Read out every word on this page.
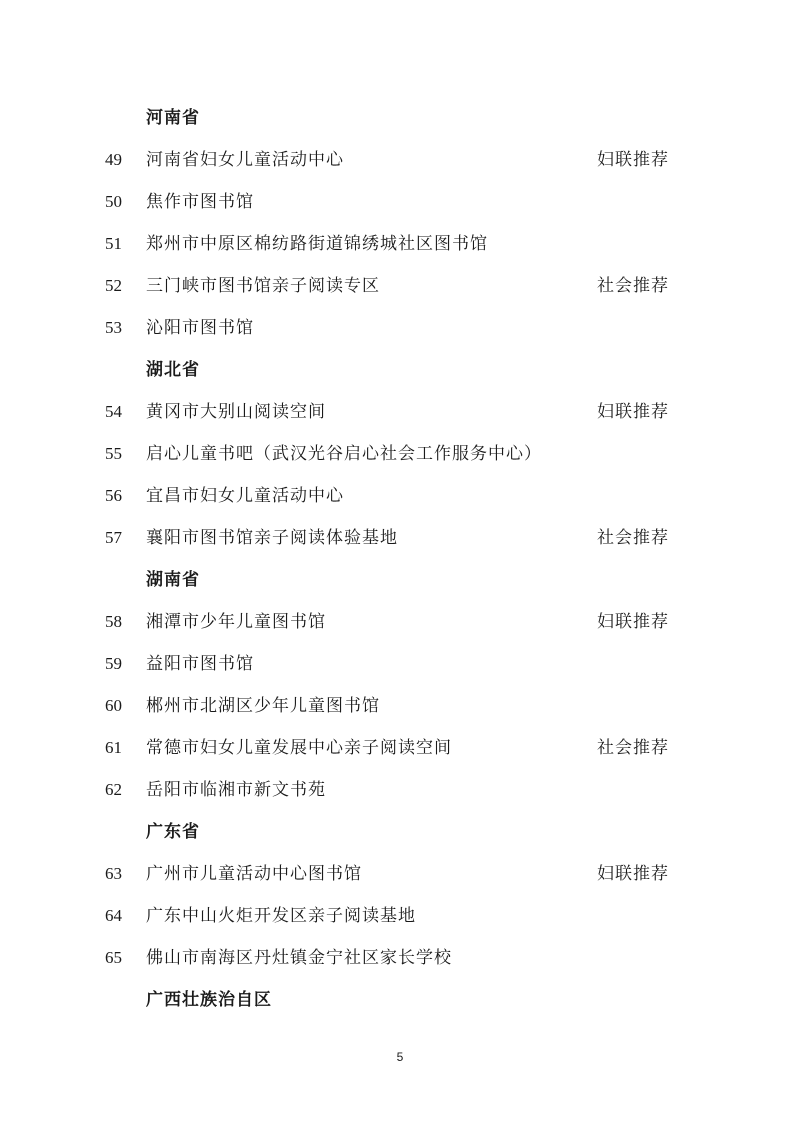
河南省
49 河南省妇女儿童活动中心	妇联推荐
50 焦作市图书馆
51 郑州市中原区棉纺路街道锦绣城社区图书馆
52 三门峡市图书馆亲子阅读专区	社会推荐
53 沁阳市图书馆
湖北省
54 黄冈市大别山阅读空间	妇联推荐
55 启心儿童书吧（武汉光谷启心社会工作服务中心）
56 宜昌市妇女儿童活动中心
57 襄阳市图书馆亲子阅读体验基地	社会推荐
湖南省
58 湘潭市少年儿童图书馆	妇联推荐
59 益阳市图书馆
60 郴州市北湖区少年儿童图书馆
61 常德市妇女儿童发展中心亲子阅读空间	社会推荐
62 岳阳市临湘市新文书苑
广东省
63 广州市儿童活动中心图书馆	妇联推荐
64 广东中山火炬开发区亲子阅读基地
65 佛山市南海区丹灶镇金宁社区家长学校
广西壮族治自区
5
